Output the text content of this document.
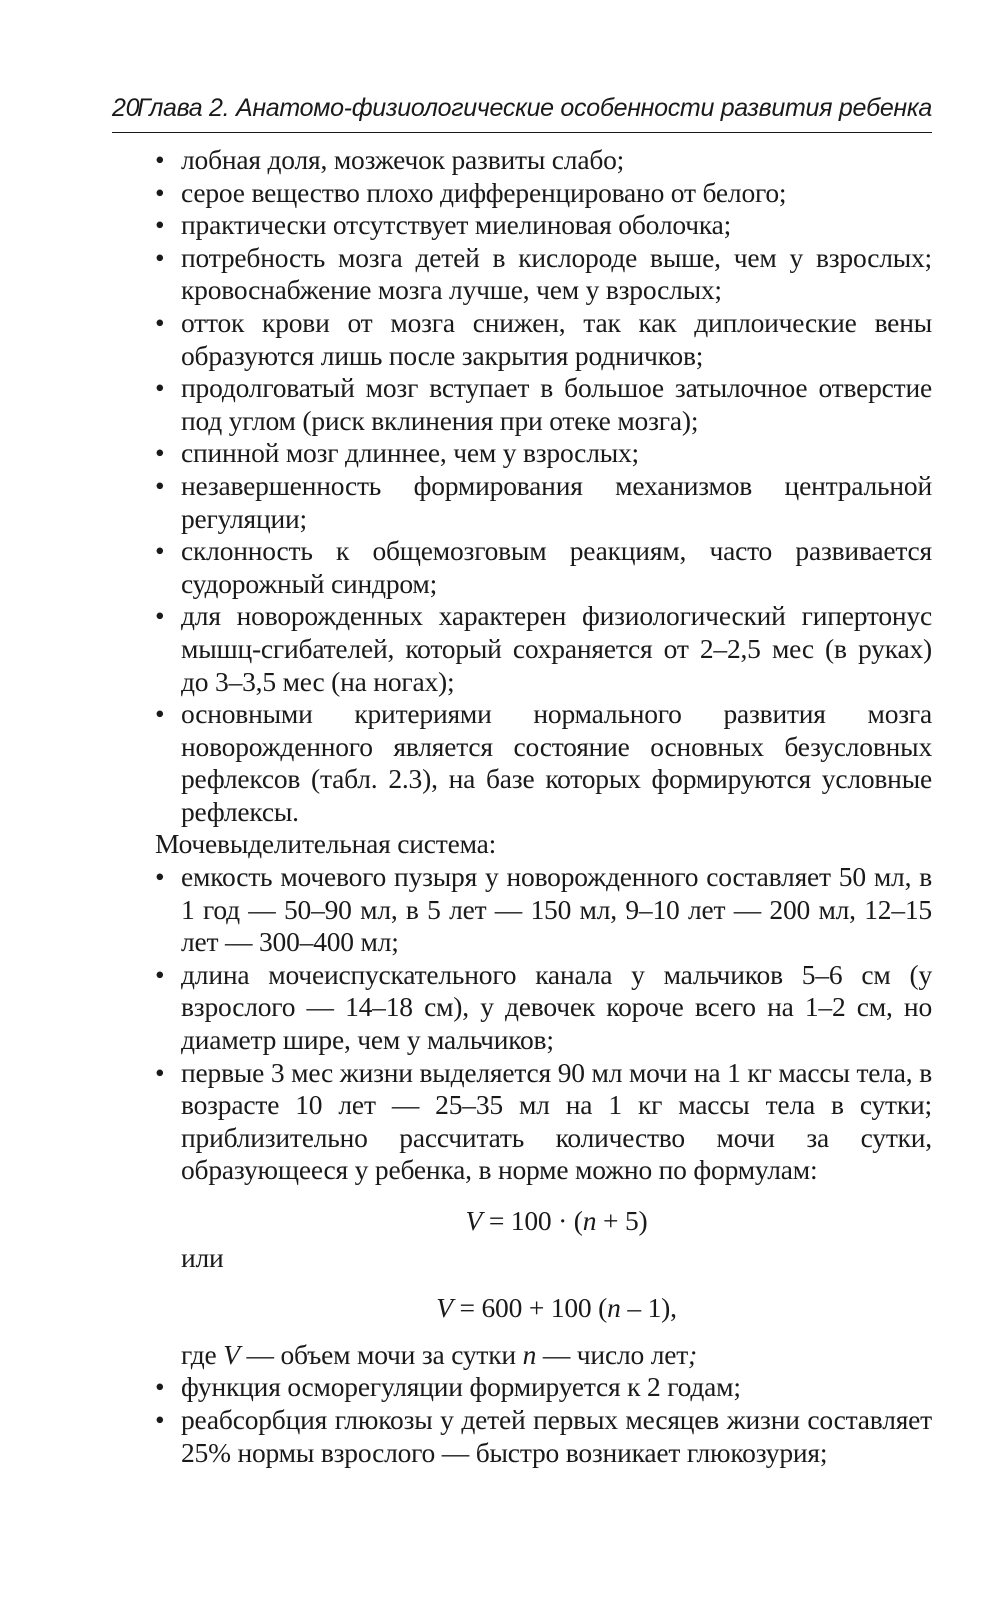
20
Глава 2. Анатомо-физиологические особенности развития ребенка
• лобная доля, мозжечок развиты слабо;
• серое вещество плохо дифференцировано от белого;
• практически отсутствует миелиновая оболочка;
• потребность мозга детей в кислороде выше, чем у взрослых; кровоснабжение мозга лучше, чем у взрослых;
• отток крови от мозга снижен, так как диплоические вены образуются лишь после закрытия родничков;
• продолговатый мозг вступает в большое затылочное отверстие под углом (риск вклинения при отеке мозга);
• спинной мозг длиннее, чем у взрослых;
• незавершенность формирования механизмов центральной регуляции;
• склонность к общемозговым реакциям, часто развивается судорожный синдром;
• для новорожденных характерен физиологический гипертонус мышц-сгибателей, который сохраняется от 2–2,5 мес (в руках) до 3–3,5 мес (на ногах);
• основными критериями нормального развития мозга новорожденного является состояние основных безусловных рефлексов (табл. 2.3), на базе которых формируются условные рефлексы.

Мочевыделительная система:

• емкость мочевого пузыря у новорожденного составляет 50 мл, в 1 год — 50–90 мл, в 5 лет — 150 мл, 9–10 лет — 200 мл, 12–15 лет — 300–400 мл;
• длина мочеиспускательного канала у мальчиков 5–6 см (у взрослого — 14–18 см), у девочек короче всего на 1–2 см, но диаметр шире, чем у мальчиков;
• первые 3 мес жизни выделяется 90 мл мочи на 1 кг массы тела, в возрасте 10 лет — 25–35 мл на 1 кг массы тела в сутки; приблизительно рассчитать количество мочи за сутки, образующееся у ребенка, в норме можно по формулам:
V = 100 · (n + 5)
или
V = 600 + 100 (n – 1),
где V — объем мочи за сутки n — число лет;
• функция осморегуляции формируется к 2 годам;
• реабсорбция глюкозы у детей первых месяцев жизни составляет 25% нормы взрослого — быстро возникает глюкозурия;
